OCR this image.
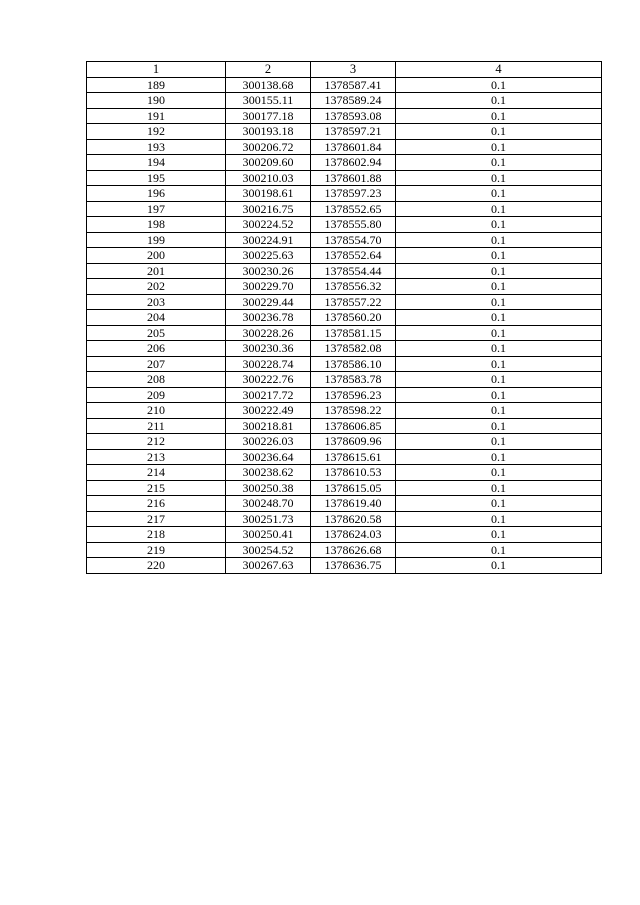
1	2	3	4
189	300138.68	1378587.41	0.1
190	300155.11	1378589.24	0.1
191	300177.18	1378593.08	0.1
192	300193.18	1378597.21	0.1
193	300206.72	1378601.84	0.1
194	300209.60	1378602.94	0.1
195	300210.03	1378601.88	0.1
196	300198.61	1378597.23	0.1
197	300216.75	1378552.65	0.1
198	300224.52	1378555.80	0.1
199	300224.91	1378554.70	0.1
200	300225.63	1378552.64	0.1
201	300230.26	1378554.44	0.1
202	300229.70	1378556.32	0.1
203	300229.44	1378557.22	0.1
204	300236.78	1378560.20	0.1
205	300228.26	1378581.15	0.1
206	300230.36	1378582.08	0.1
207	300228.74	1378586.10	0.1
208	300222.76	1378583.78	0.1
209	300217.72	1378596.23	0.1
210	300222.49	1378598.22	0.1
211	300218.81	1378606.85	0.1
212	300226.03	1378609.96	0.1
213	300236.64	1378615.61	0.1
214	300238.62	1378610.53	0.1
215	300250.38	1378615.05	0.1
216	300248.70	1378619.40	0.1
217	300251.73	1378620.58	0.1
218	300250.41	1378624.03	0.1
219	300254.52	1378626.68	0.1
220	300267.63	1378636.75	0.1
